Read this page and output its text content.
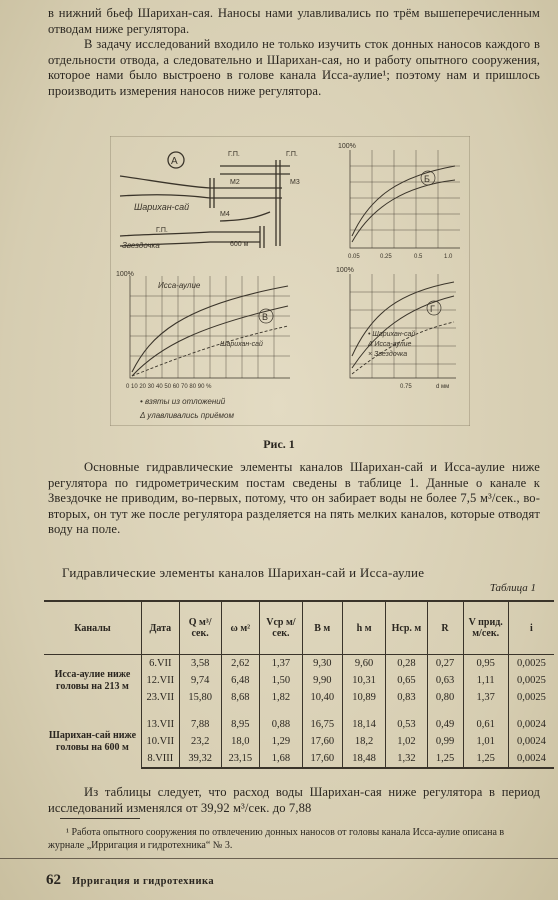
в нижний бьеф Шарихан-сая. Наносы нами улавливались по трём вышеперечисленным отводам ниже регулятора.

В задачу исследований входило не только изучить сток донных наносов каждого в отдельности отвода, а следовательно и Шарихан-сая, но и работу опытного сооружения, которое нами было выстроено в голове канала Исса-аулие¹; поэтому нам и пришлось производить измерения наносов ниже регулятора.

А
Шарихан-сай
Звездочка
Г.П.	Г.П.
Г.П.
М2	М3
М4
600 м
100%
Б
0.05	0.25	0.5	1.0
100%
Исса-аулие
Шарихан-сай
В
0 10 20 30 40 50 60 70 80 90 %
• взяты из отложений
Δ улавливались приёмом
100%
Г
• Шарихан-сай
Δ Исса-аулие
× Звездочка
d мм
0.75
Рис. 1

Основные гидравлические элементы каналов Шарихан-сай и Исса-аулие ниже регулятора по гидрометрическим постам сведены в таблице 1. Данные о канале к Звездочке не приводим, во-первых, потому, что он забирает воды не более 7,5 м³/сек., во-вторых, он тут же после регулятора разделяется на пять мелких каналов, которые отводят воду на поле.

Гидравлические элементы каналов Шарихан-сай и Исса-аулие
Таблица 1
Каналы	Дата	Q м³/сек.	ω м²	Vср м/сек.	B м	h м	Hср. м	R	V прид. м/сек.	i
Исса-аулие ниже головы на 213 м	6.VII	3,58	2,62	1,37	9,30	9,60	0,28	0,27	0,95	0,0025
	12.VII	9,74	6,48	1,50	9,90	10,31	0,65	0,63	1,11	0,0025
	23.VII	15,80	8,68	1,82	10,40	10,89	0,83	0,80	1,37	0,0025

Шарихан-сай ниже головы на 600 м	13.VII	7,88	8,95	0,88	16,75	18,14	0,53	0,49	0,61	0,0024
	10.VII	23,2	18,0	1,29	17,60	18,2	1,02	0,99	1,01	0,0024
	8.VIII	39,32	23,15	1,68	17,60	18,48	1,32	1,25	1,25	0,0024

Из таблицы следует, что расход воды Шарихан-сая ниже регулятора в период исследований изменялся от 39,92 м³/сек. до 7,88

¹ Работа опытного сооружения по отвлечению донных наносов от головы канала Исса-аулие описана в журнале „Ирригация и гидротехника“ № 3.

62 Ирригация и гидротехника
